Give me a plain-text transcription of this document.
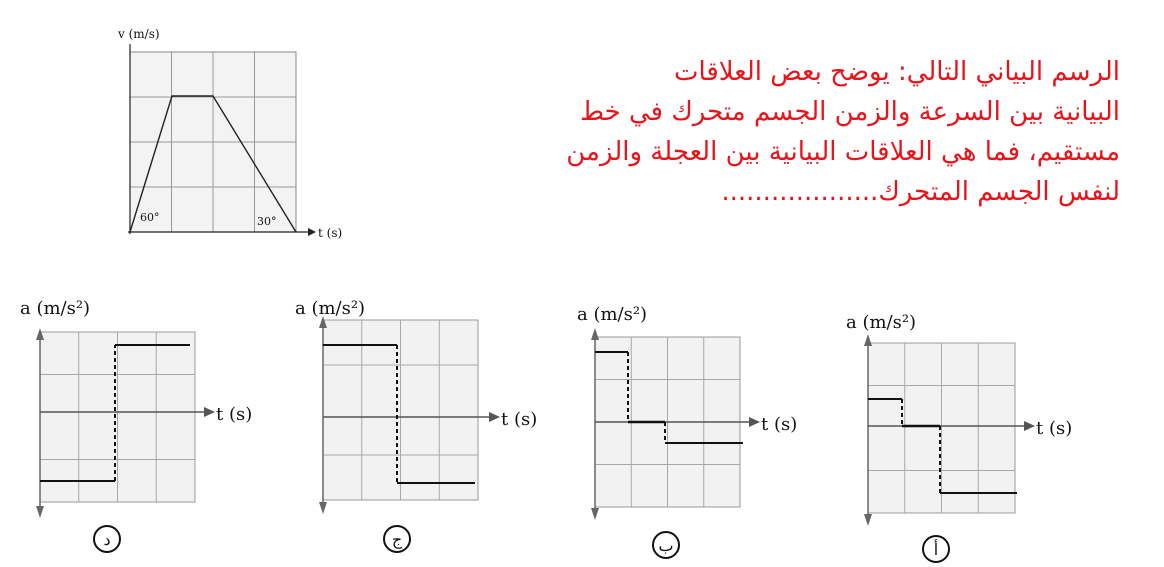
الرسم البياني التالي: يوضح بعض العلاقات
البيانية بين السرعة والزمن الجسم متحرك في خط
مستقيم، فما هي العلاقات البيانية بين العجلة والزمن
لنفس الجسم المتحرك...................
v (m/s)
t (s)
60°	30°
a (m/s²)
t (s)
د
a (m/s²)
t (s)
ج
a (m/s²)
t (s)
ب
a (m/s²)
t (s)
أ
